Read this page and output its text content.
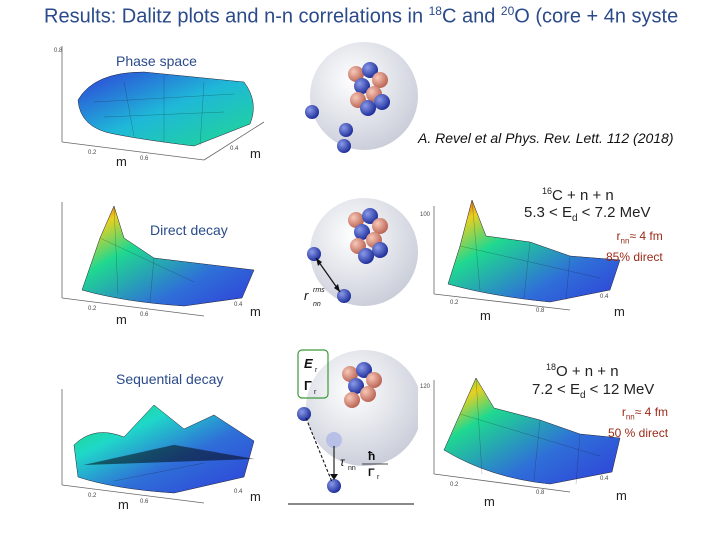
Results: Dalitz plots and n-n correlations in $^{18}$C and $^{20}$O (core + 4n syste
0.8
0.2
0.6
0.4
m
m
0.2
0.6
0.4
m
m
0.2
0.6
0.4
m
m
Phase space
Direct decay
Sequential decay
r rms
nn
E r
Γ r
τ nn
ħ
Γ r
A. Revel et al Phys. Rev. Lett. 112 (2018)
100
0.2
0.8
0.4
m	m
$^{16}$C + n + n
$5.3 < E_d < 7.2$ MeV
120
0.2
0.8
0.4
m	m
$^{18}$O + n + n
$7.2 < E_d < 12$ MeV
$r_{nn}\approx 4$ fm
85% direct
$r_{nn}\approx 4$ fm
50 % direct
